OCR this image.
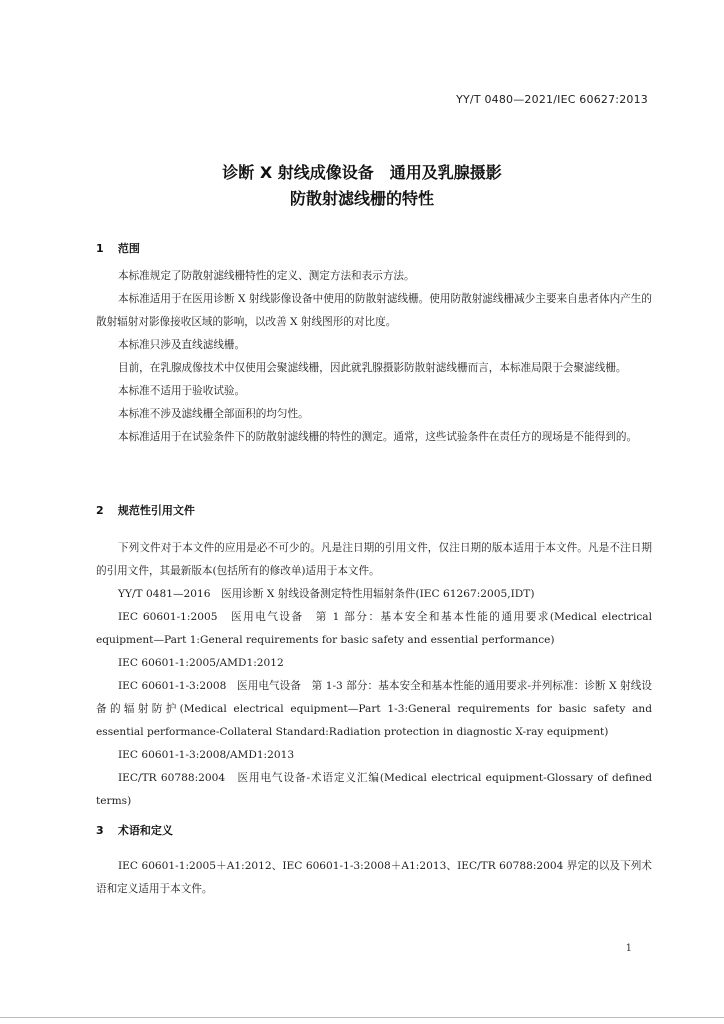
YY/T 0480—2021/IEC 60627:2013
诊断 X 射线成像设备　通用及乳腺摄影
防散射滤线栅的特性
1 范围

本标准规定了防散射滤线栅特性的定义、测定方法和表示方法。

本标准适用于在医用诊断 X 射线影像设备中使用的防散射滤线栅。使用防散射滤线栅减少主要来自患者体内产生的散射辐射对影像接收区域的影响，以改善 X 射线图形的对比度。

本标准只涉及直线滤线栅。

目前，在乳腺成像技术中仅使用会聚滤线栅，因此就乳腺摄影防散射滤线栅而言，本标准局限于会聚滤线栅。

本标准不适用于验收试验。

本标准不涉及滤线栅全部面积的均匀性。

本标准适用于在试验条件下的防散射滤线栅的特性的测定。通常，这些试验条件在责任方的现场是不能得到的。

2 规范性引用文件

下列文件对于本文件的应用是必不可少的。凡是注日期的引用文件，仅注日期的版本适用于本文件。凡是不注日期的引用文件，其最新版本(包括所有的修改单)适用于本文件。

YY/T 0481—2016　医用诊断 X 射线设备测定特性用辐射条件(IEC 61267:2005,IDT)

IEC 60601-1:2005　医用电气设备　第 1 部分：基本安全和基本性能的通用要求(Medical electrical equipment—Part 1:General requirements for basic safety and essential performance)

IEC 60601-1:2005/AMD1:2012

IEC 60601-1-3:2008　医用电气设备　第 1-3 部分：基本安全和基本性能的通用要求-并列标准：诊断 X 射线设备的辐射防护(Medical electrical equipment—Part 1-3:General requirements for basic safety and essential performance-Collateral Standard:Radiation protection in diagnostic X-ray equipment)

IEC 60601-1-3:2008/AMD1:2013

IEC/TR 60788:2004　医用电气设备-术语定义汇编(Medical electrical equipment-Glossary of defined terms)

3 术语和定义

IEC 60601-1:2005＋A1:2012、IEC 60601-1-3:2008＋A1:2013、IEC/TR 60788:2004 界定的以及下列术语和定义适用于本文件。

1
